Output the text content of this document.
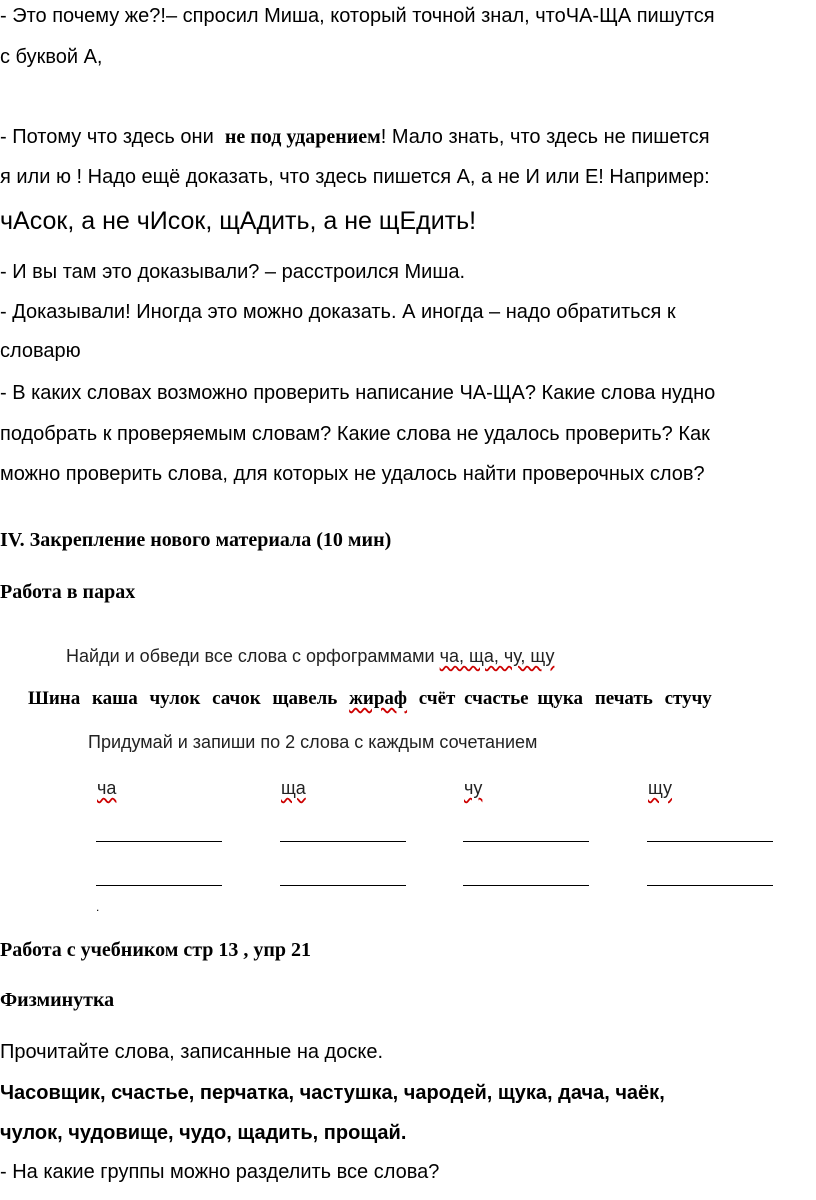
- Это почему же?!– спросил Миша, который точной знал, чтоЧА-ЩА пишутся
с буквой А,
- Потому что здесь они не под ударением! Мало знать, что здесь не пишется
я или ю ! Надо ещё доказать, что здесь пишется А, а не И или Е! Например:
чАсок, а не чИсок, щАдить, а не щЕдить!
- И вы там это доказывали? – расстроился Миша.
- Доказывали! Иногда это можно доказать. А иногда – надо обратиться к
словарю
- В каких словах возможно проверить написание ЧА-ЩА? Какие слова нудно
подобрать к проверяемым словам? Какие слова не удалось проверить? Как
можно проверить слова, для которых не удалось найти проверочных слов?
IV. Закрепление нового материала (10 мин)
Работа в парах
Найди и обведи все слова с орфограммами ча, ща, чу, щу
Шина каша чулок сачок щавель жираф счёт счастье щука печать стучу
Придумай и запиши по 2 слова с каждым сочетанием
ча	ща	чу	щу
.
Работа с учебником стр 13 , упр 21
Физминутка
Прочитайте слова, записанные на доске.
Часовщик, счастье, перчатка, частушка, чародей, щука, дача, чаёк,
чулок, чудовище, чудо, щадить, прощай.
- На какие группы можно разделить все слова?
